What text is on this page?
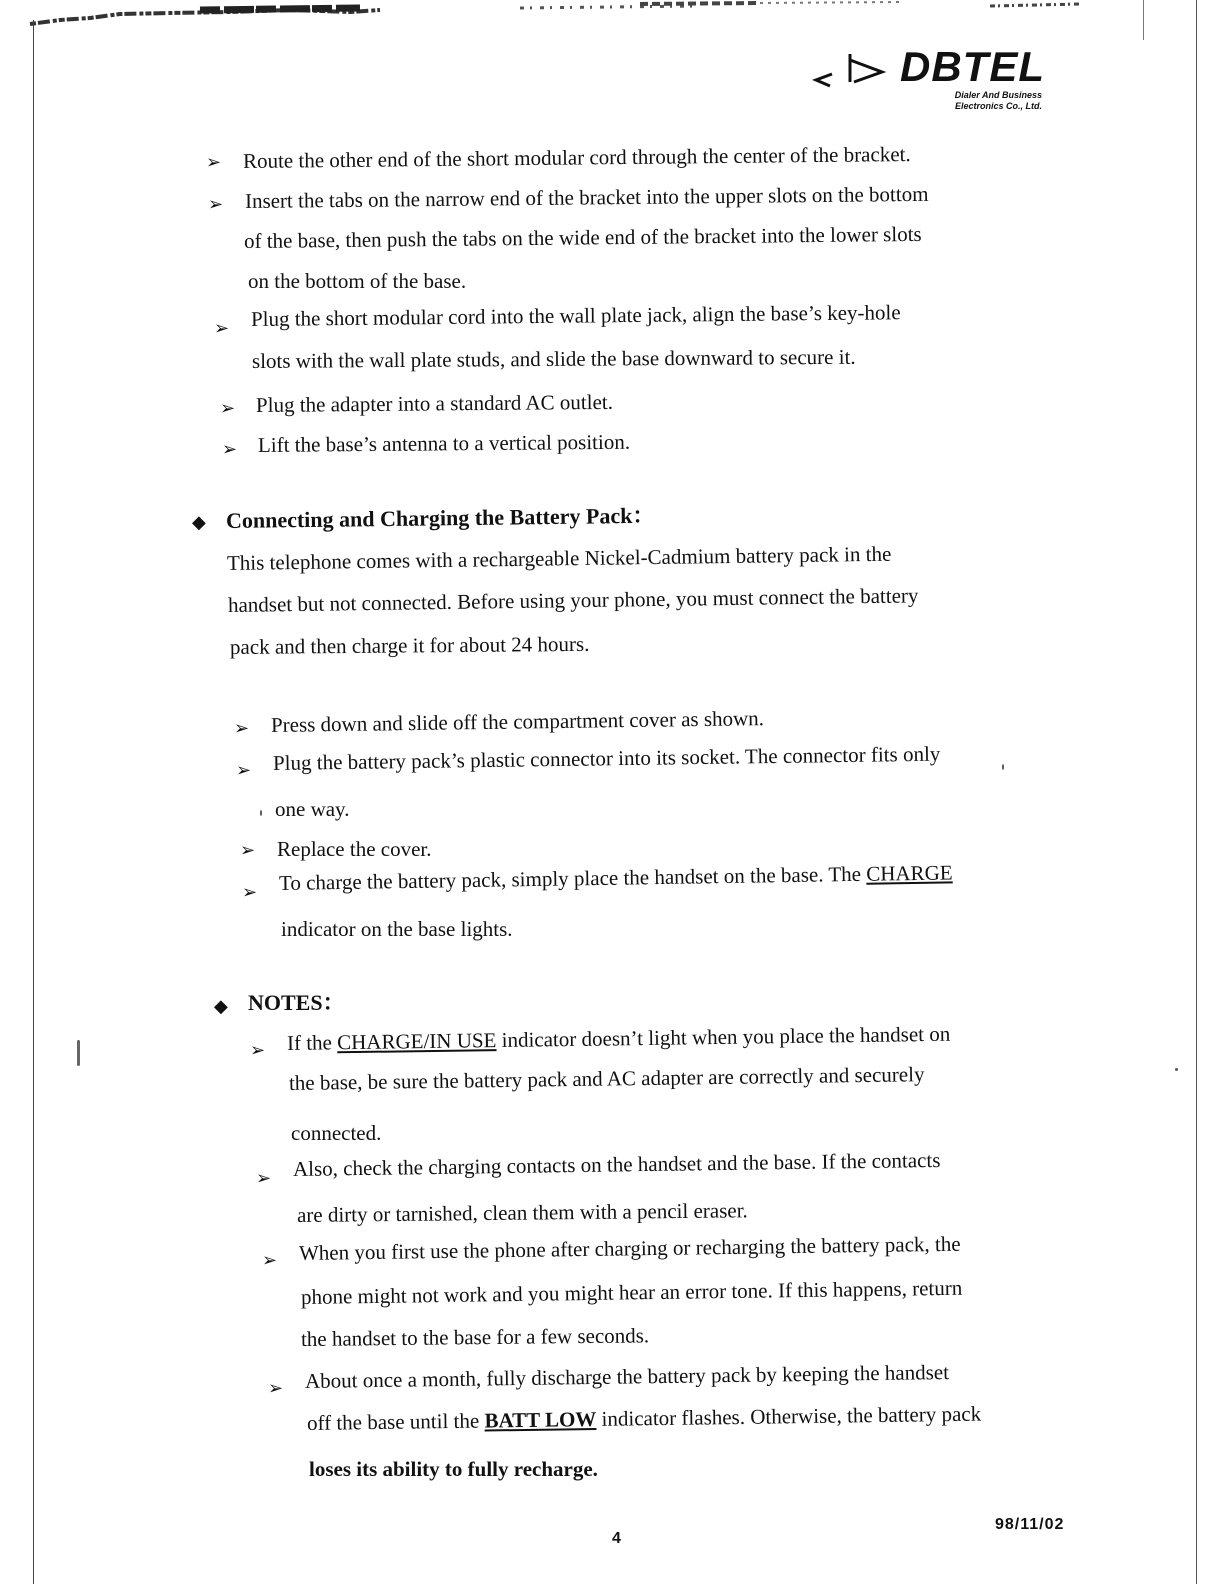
DBTEL
Dialer And Business
Electronics Co., Ltd.
➢ Route the other end of the short modular cord through the center of the bracket.
➢ Insert the tabs on the narrow end of the bracket into the upper slots on the bottom
of the base, then push the tabs on the wide end of the bracket into the lower slots
on the bottom of the base.
➢ Plug the short modular cord into the wall plate jack, align the base’s key-hole
slots with the wall plate studs, and slide the base downward to secure it.
➢ Plug the adapter into a standard AC outlet.
➢ Lift the base’s antenna to a vertical position.
◆ Connecting and Charging the Battery Pack：
This telephone comes with a rechargeable Nickel-Cadmium battery pack in the
handset but not connected. Before using your phone, you must connect the battery
pack and then charge it for about 24 hours.
➢ Press down and slide off the compartment cover as shown.
➢ Plug the battery pack’s plastic connector into its socket. The connector fits only
one way.
➢ Replace the cover.
➢ To charge the battery pack, simply place the handset on the base. The CHARGE
indicator on the base lights.
◆ NOTES：
➢ If the CHARGE/IN USE indicator doesn’t light when you place the handset on
the base, be sure the battery pack and AC adapter are correctly and securely
connected.
➢ Also, check the charging contacts on the handset and the base. If the contacts
are dirty or tarnished, clean them with a pencil eraser.
➢ When you first use the phone after charging or recharging the battery pack, the
phone might not work and you might hear an error tone. If this happens, return
the handset to the base for a few seconds.
➢ About once a month, fully discharge the battery pack by keeping the handset
off the base until the BATT LOW indicator flashes. Otherwise, the battery pack
loses its ability to fully recharge.
4
98/11/02
